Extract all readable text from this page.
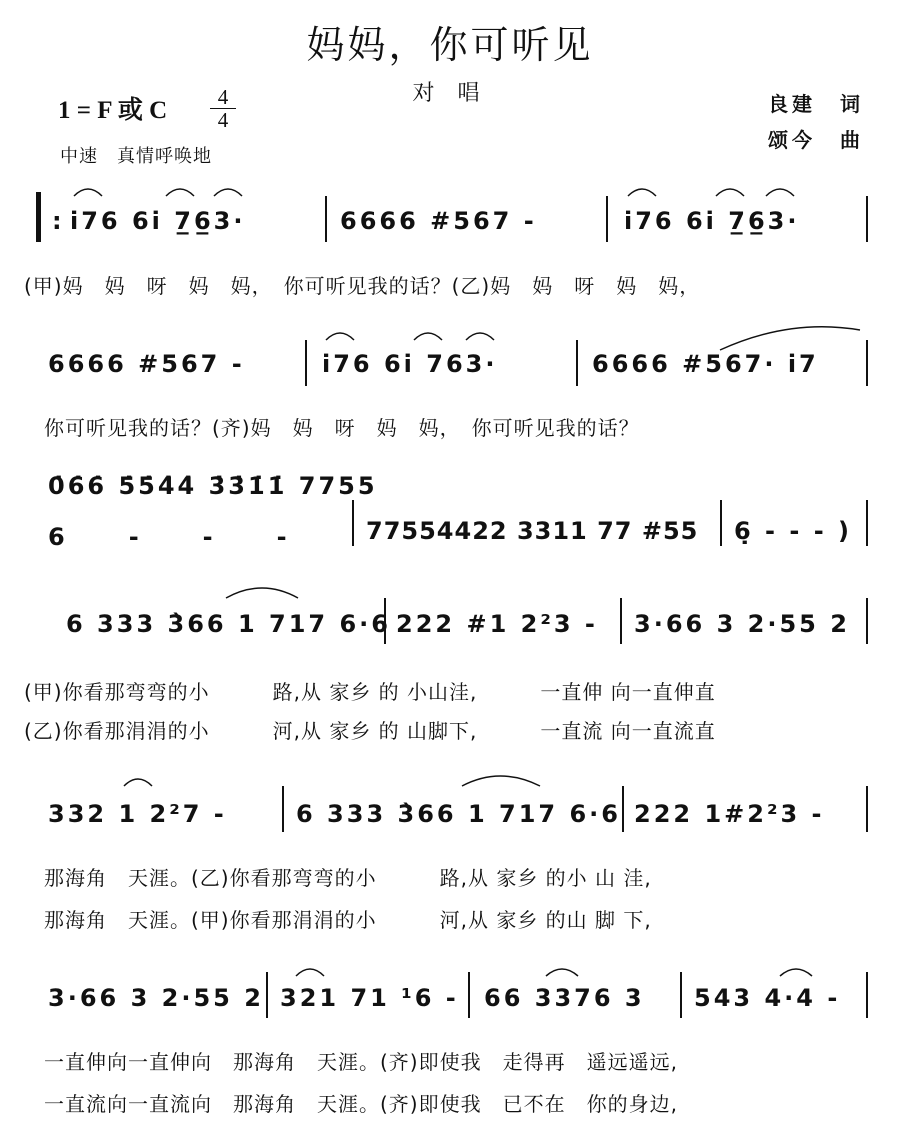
妈妈，你可听见
对 唱
1 = F 或 C	4
4
中速　真情呼唤地
良建　词
颂今　曲
: i̇76 6i̇ 7̲6̲3·	6666 #567 -	i̇76 6i̇ 7̲6̲3·
(甲)妈　妈　呀　妈　妈，　你可听见我的话？(乙)妈　妈　呀　妈　妈，
6666 #567 -	i̇76 6i̇ 763·	6666 #567· i̇7
你可听见我的话？(齐)妈　妈　呀　妈　妈，　你可听见我的话？
0̇6̇6̇ 5̇5̇4̇4̇ 3̇3̇1̇1̇ 7755
6　-　-　- 77554422 3311 77 #55 6̣ - - - )
6 333 3̀66 1 717 6·6 222 #1 2²3 - 3·66 3 2·55 2
(甲)你看那弯弯的小　　　路,从 家乡 的 小山洼,　　　一直伸 向一直伸直
(乙)你看那涓涓的小　　　河,从 家乡 的 山脚下,　　　一直流 向一直流直
332 1 2²7 -	6 333 3̀66 1 717 6·6 222 1#2²3 -
那海角　天涯。(乙)你看那弯弯的小　　　路,从 家乡 的小 山 洼,
那海角　天涯。(甲)你看那涓涓的小　　　河,从 家乡 的山 脚 下,
3·66 3 2·55 2 321 71 ¹6 - 66 3376 3 543 4·4 -
一直伸向一直伸向　那海角　天涯。(齐)即使我　走得再　遥远遥远,
一直流向一直流向　那海角　天涯。(齐)即使我　已不在　你的身边,
